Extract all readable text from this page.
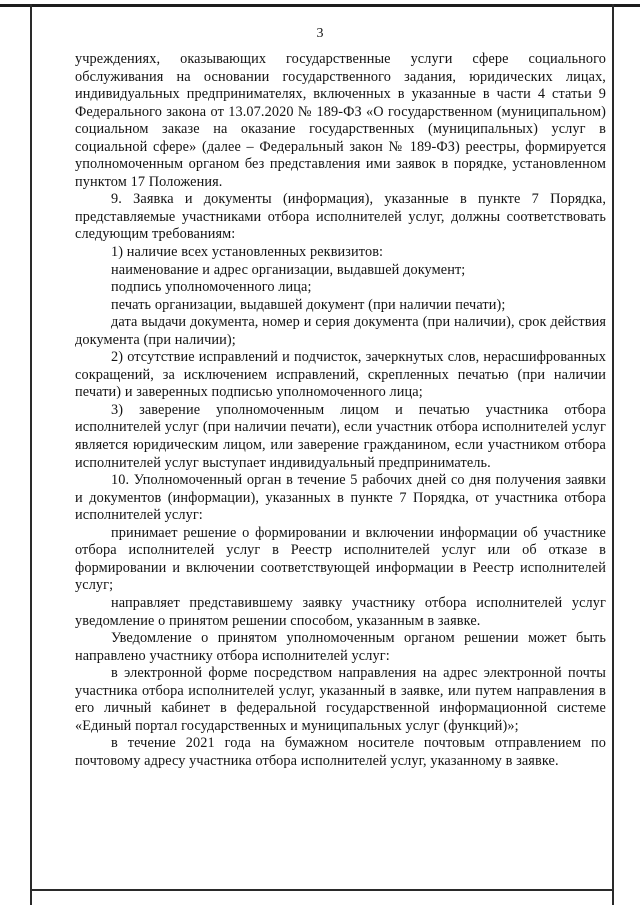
3

учреждениях, оказывающих государственные услуги сфере социального обслуживания на основании государственного задания, юридических лицах, индивидуальных предпринимателях, включенных в указанные в части 4 статьи 9 Федерального закона от 13.07.2020 № 189-ФЗ «О государственном (муниципальном) социальном заказе на оказание государственных (муниципальных) услуг в социальной сфере» (далее – Федеральный закон № 189-ФЗ) реестры, формируется уполномоченным органом без представления ими заявок в порядке, установленном пунктом 17 Положения.

9. Заявка и документы (информация), указанные в пункте 7 Порядка, представляемые участниками отбора исполнителей услуг, должны соответствовать следующим требованиям:

1) наличие всех установленных реквизитов:

наименование и адрес организации, выдавшей документ;

подпись уполномоченного лица;

печать организации, выдавшей документ (при наличии печати);

дата выдачи документа, номер и серия документа (при наличии), срок действия документа (при наличии);

2) отсутствие исправлений и подчисток, зачеркнутых слов, нерасшифрованных сокращений, за исключением исправлений, скрепленных печатью (при наличии печати) и заверенных подписью уполномоченного лица;

3) заверение уполномоченным лицом и печатью участника отбора исполнителей услуг (при наличии печати), если участник отбора исполнителей услуг является юридическим лицом, или заверение гражданином, если участником отбора исполнителей услуг выступает индивидуальный предприниматель.

10. Уполномоченный орган в течение 5 рабочих дней со дня получения заявки и документов (информации), указанных в пункте 7 Порядка, от участника отбора исполнителей услуг:

принимает решение о формировании и включении информации об участнике отбора исполнителей услуг в Реестр исполнителей услуг или об отказе в формировании и включении соответствующей информации в Реестр исполнителей услуг;

направляет представившему заявку участнику отбора исполнителей услуг уведомление о принятом решении способом, указанным в заявке.

Уведомление о принятом уполномоченным органом решении может быть направлено участнику отбора исполнителей услуг:

в электронной форме посредством направления на адрес электронной почты участника отбора исполнителей услуг, указанный в заявке, или путем направления в его личный кабинет в федеральной государственной информационной системе «Единый портал государственных и муниципальных услуг (функций)»;

в течение 2021 года на бумажном носителе почтовым отправлением по почтовому адресу участника отбора исполнителей услуг, указанному в заявке.
